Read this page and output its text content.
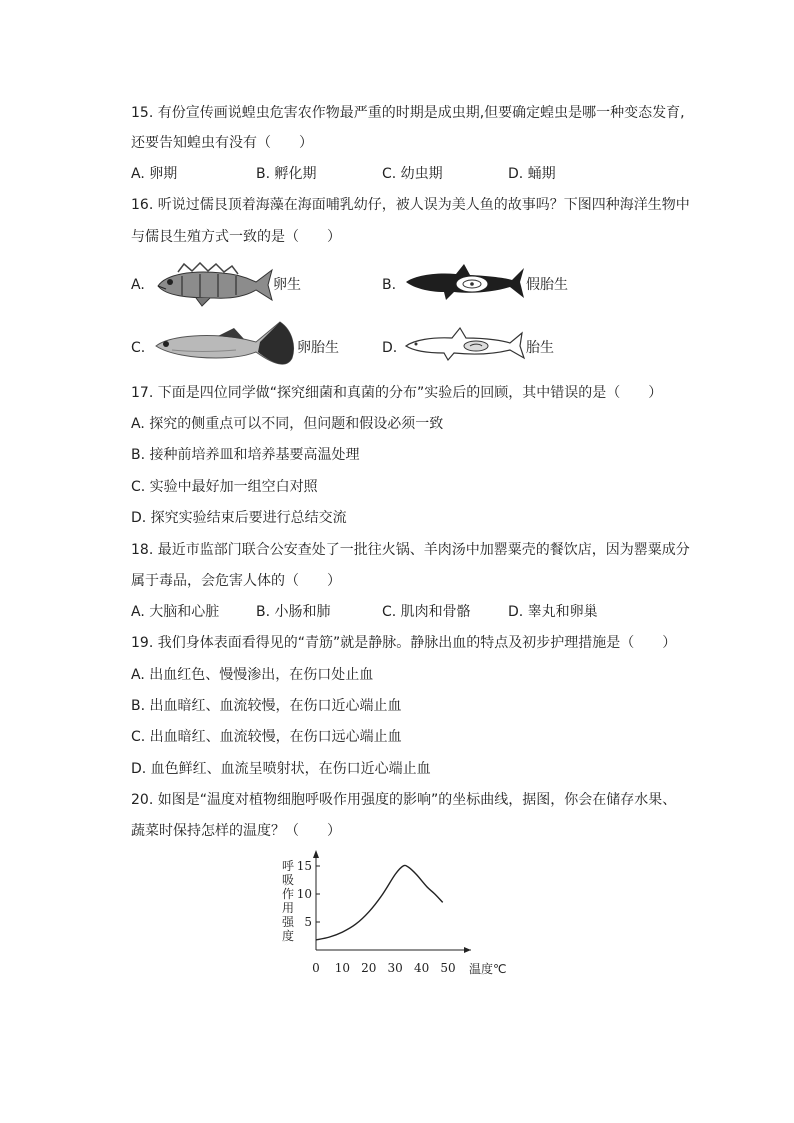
15. 有份宣传画说蝗虫危害农作物最严重的时期是成虫期,但要确定蝗虫是哪一种变态发育,
还要告知蝗虫有没有（　　）
A. 卵期	B. 孵化期	C. 幼虫期	D. 蛹期
16. 听说过儒艮顶着海藻在海面哺乳幼仔，被人误为美人鱼的故事吗？下图四种海洋生物中
与儒艮生殖方式一致的是（　　）
A.	卵生	B.	假胎生
C.	卵胎生	D.	胎生
17. 下面是四位同学做“探究细菌和真菌的分布”实验后的回顾，其中错误的是（　　）
A. 探究的侧重点可以不同，但问题和假设必须一致
B. 接种前培养皿和培养基要高温处理
C. 实验中最好加一组空白对照
D. 探究实验结束后要进行总结交流
18. 最近市监部门联合公安查处了一批往火锅、羊肉汤中加罂粟壳的餐饮店，因为罂粟成分
属于毒品，会危害人体的（　　）
A. 大脑和心脏	B. 小肠和肺	C. 肌肉和骨骼	D. 睾丸和卵巢
19. 我们身体表面看得见的“青筋”就是静脉。静脉出血的特点及初步护理措施是（　　）
A. 出血红色、慢慢渗出，在伤口处止血
B. 出血暗红、血流较慢，在伤口近心端止血
C. 出血暗红、血流较慢，在伤口远心端止血
D. 血色鲜红、血流呈喷射状，在伤口近心端止血
20. 如图是“温度对植物细胞呼吸作用强度的影响”的坐标曲线，据图，你会在储存水果、
蔬菜时保持怎样的温度？（　　）
呼
吸
作
用
强
度
0 10 20 30 40 50
5
10
15
温度℃
